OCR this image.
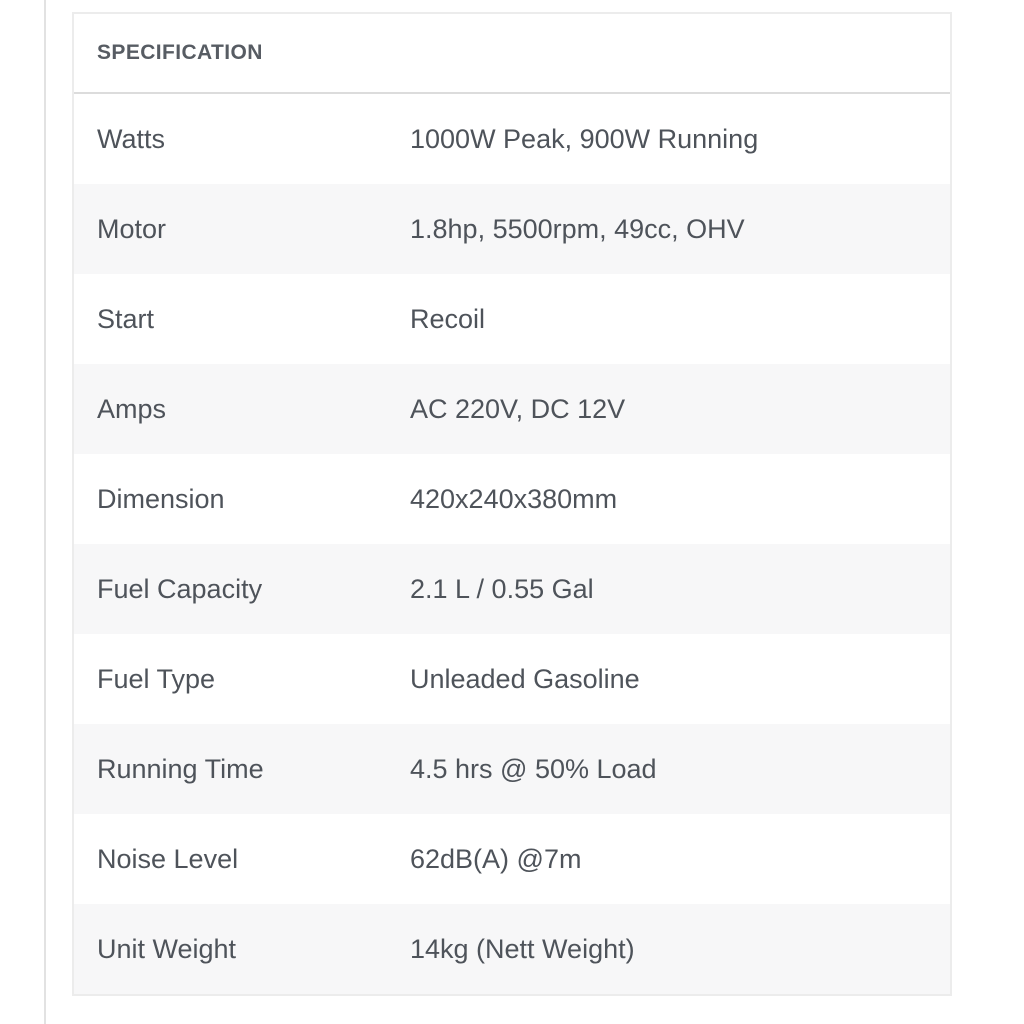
SPECIFICATION
Watts	1000W Peak, 900W Running
Motor	1.8hp, 5500rpm, 49cc, OHV
Start	Recoil
Amps	AC 220V, DC 12V
Dimension	420x240x380mm
Fuel Capacity	2.1 L / 0.55 Gal
Fuel Type	Unleaded Gasoline
Running Time	4.5 hrs @ 50% Load
Noise Level	62dB(A) @7m
Unit Weight	14kg (Nett Weight)
